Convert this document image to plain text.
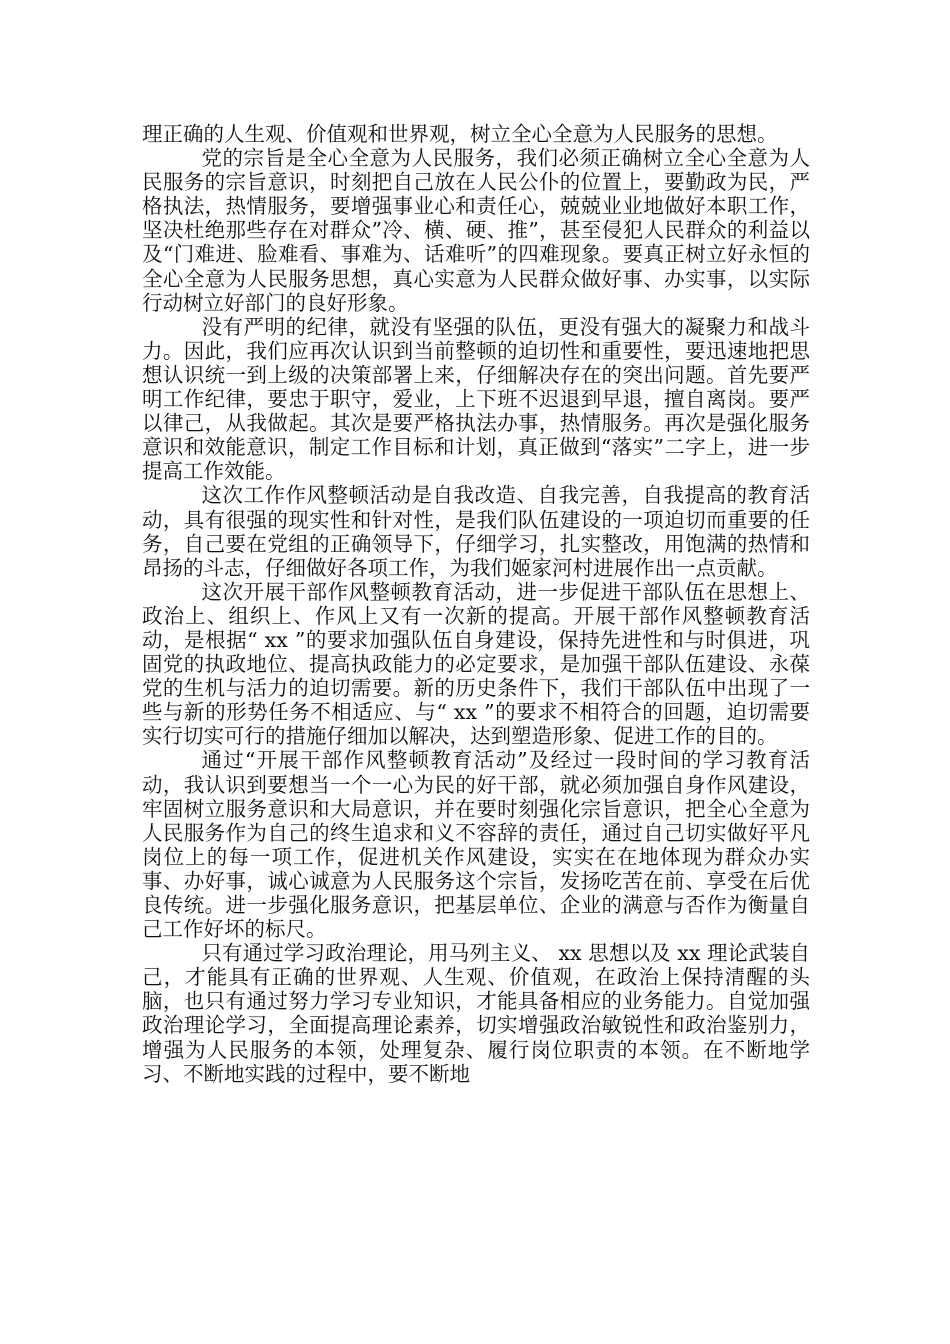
理正确的人生观、价值观和世界观，树立全心全意为人民服务的思想。

党的宗旨是全心全意为人民服务，我们必须正确树立全心全意为人民服务的宗旨意识，时刻把自己放在人民公仆的位置上，要勤政为民，严格执法，热情服务，要增强事业心和责任心，兢兢业业地做好本职工作，坚决杜绝那些存在对群众”冷、横、硬、推”，甚至侵犯人民群众的利益以及“门难进、脸难看、事难为、话难听”的四难现象。要真正树立好永恒的全心全意为人民服务思想，真心实意为人民群众做好事、办实事，以实际行动树立好部门的良好形象。

没有严明的纪律，就没有坚强的队伍，更没有强大的凝聚力和战斗力。因此，我们应再次认识到当前整顿的迫切性和重要性，要迅速地把思想认识统一到上级的决策部署上来，仔细解决存在的突出问题。首先要严明工作纪律，要忠于职守，爱业，上下班不迟退到早退，擅自离岗。要严以律己，从我做起。其次是要严格执法办事，热情服务。再次是强化服务意识和效能意识，制定工作目标和计划，真正做到“落实”二字上，进一步提高工作效能。

这次工作作风整顿活动是自我改造、自我完善，自我提高的教育活动，具有很强的现实性和针对性，是我们队伍建设的一项迫切而重要的任务，自己要在党组的正确领导下，仔细学习，扎实整改，用饱满的热情和昂扬的斗志，仔细做好各项工作，为我们姬家河村进展作出一点贡献。

这次开展干部作风整顿教育活动，进一步促进干部队伍在思想上、政治上、组织上、作风上又有一次新的提高。开展干部作风整顿教育活动，是根据“ xx ”的要求加强队伍自身建设，保持先进性和与时俱进，巩固党的执政地位、提高执政能力的必定要求，是加强干部队伍建设、永葆党的生机与活力的迫切需要。新的历史条件下，我们干部队伍中出现了一些与新的形势任务不相适应、与“ xx ”的要求不相符合的回题，迫切需要实行切实可行的措施仔细加以解决，达到塑造形象、促进工作的目的。

通过“开展干部作风整顿教育活动”及经过一段时间的学习教育活动，我认识到要想当一个一心为民的好干部，就必须加强自身作风建设，牢固树立服务意识和大局意识，并在要时刻强化宗旨意识，把全心全意为人民服务作为自己的终生追求和义不容辞的责任，通过自己切实做好平凡岗位上的每一项工作，促进机关作风建设，实实在在地体现为群众办实事、办好事，诚心诚意为人民服务这个宗旨，发扬吃苦在前、享受在后优良传统。进一步强化服务意识，把基层单位、企业的满意与否作为衡量自己工作好坏的标尺。

只有通过学习政治理论，用马列主义、 xx 思想以及 xx 理论武装自己，才能具有正确的世界观、人生观、价值观，在政治上保持清醒的头脑，也只有通过努力学习专业知识，才能具备相应的业务能力。自觉加强政治理论学习，全面提高理论素养，切实增强政治敏锐性和政治鉴别力，增强为人民服务的本领，处理复杂、履行岗位职责的本领。在不断地学习、不断地实践的过程中，要不断地
